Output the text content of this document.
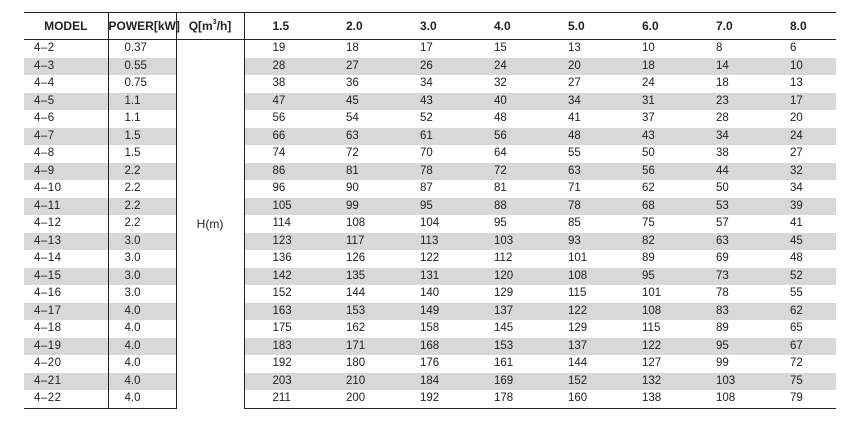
MODEL	POWER[kW]	$Q[m^3/h]$	1.5	2.0	3.0	4.0	5.0	6.0	7.0	8.0
4–2	0.37	H(m)	19	18	17	15	13	10	8	6
4–3	0.55		28	27	26	24	20	18	14	10
4–4	0.75		38	36	34	32	27	24	18	13
4–5	1.1		47	45	43	40	34	31	23	17
4–6	1.1		56	54	52	48	41	37	28	20
4–7	1.5		66	63	61	56	48	43	34	24
4–8	1.5		74	72	70	64	55	50	38	27
4–9	2.2		86	81	78	72	63	56	44	32
4–10	2.2		96	90	87	81	71	62	50	34
4–11	2.2		105	99	95	88	78	68	53	39
4–12	2.2		114	108	104	95	85	75	57	41
4–13	3.0		123	117	113	103	93	82	63	45
4–14	3.0		136	126	122	112	101	89	69	48
4–15	3.0		142	135	131	120	108	95	73	52
4–16	3.0		152	144	140	129	115	101	78	55
4–17	4.0		163	153	149	137	122	108	83	62
4–18	4.0		175	162	158	145	129	115	89	65
4–19	4.0		183	171	168	153	137	122	95	67
4–20	4.0		192	180	176	161	144	127	99	72
4–21	4.0		203	210	184	169	152	132	103	75
4–22	4.0		211	200	192	178	160	138	108	79
